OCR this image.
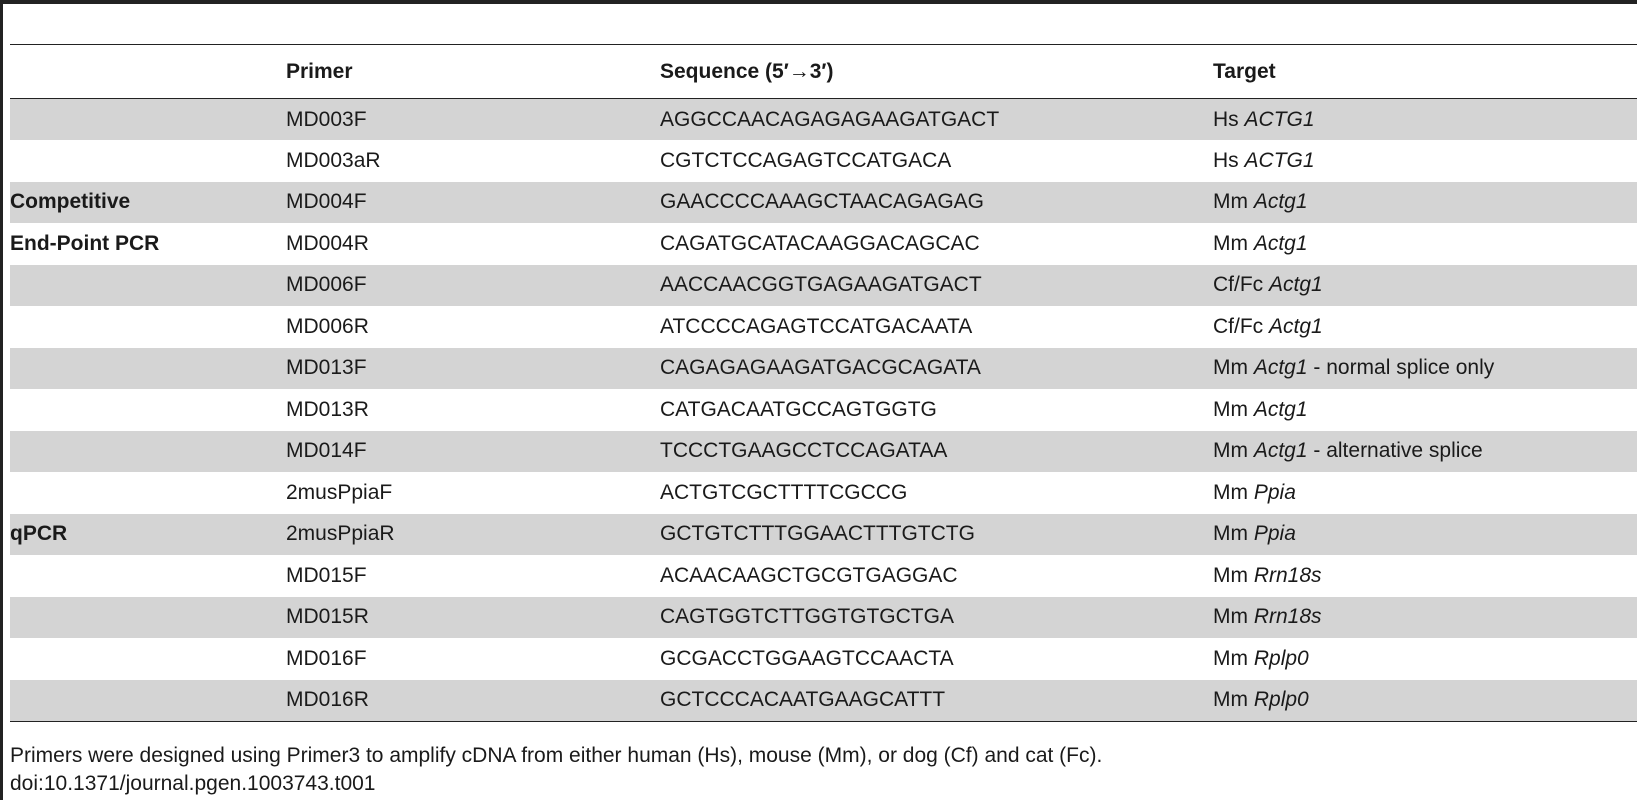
	Primer	Sequence (5′→3′)	Target
	MD003F	AGGCCAACAGAGAGAAGATGACT	Hs ACTG1
	MD003aR	CGTCTCCAGAGTCCATGACA	Hs ACTG1
Competitive	MD004F	GAACCCCAAAGCTAACAGAGAG	Mm Actg1
End-Point PCR	MD004R	CAGATGCATACAAGGACAGCAC	Mm Actg1
	MD006F	AACCAACGGTGAGAAGATGACT	Cf/Fc Actg1
	MD006R	ATCCCCAGAGTCCATGACAATA	Cf/Fc Actg1
	MD013F	CAGAGAGAAGATGACGCAGATA	Mm Actg1 - normal splice only
	MD013R	CATGACAATGCCAGTGGTG	Mm Actg1
	MD014F	TCCCTGAAGCCTCCAGATAA	Mm Actg1 - alternative splice
	2musPpiaF	ACTGTCGCTTTTCGCCG	Mm Ppia
qPCR	2musPpiaR	GCTGTCTTTGGAACTTTGTCTG	Mm Ppia
	MD015F	ACAACAAGCTGCGTGAGGAC	Mm Rrn18s
	MD015R	CAGTGGTCTTGGTGTGCTGA	Mm Rrn18s
	MD016F	GCGACCTGGAAGTCCAACTA	Mm Rplp0
	MD016R	GCTCCCACAATGAAGCATTT	Mm Rplp0
Primers were designed using Primer3 to amplify cDNA from either human (Hs), mouse (Mm), or dog (Cf) and cat (Fc).
doi:10.1371/journal.pgen.1003743.t001
